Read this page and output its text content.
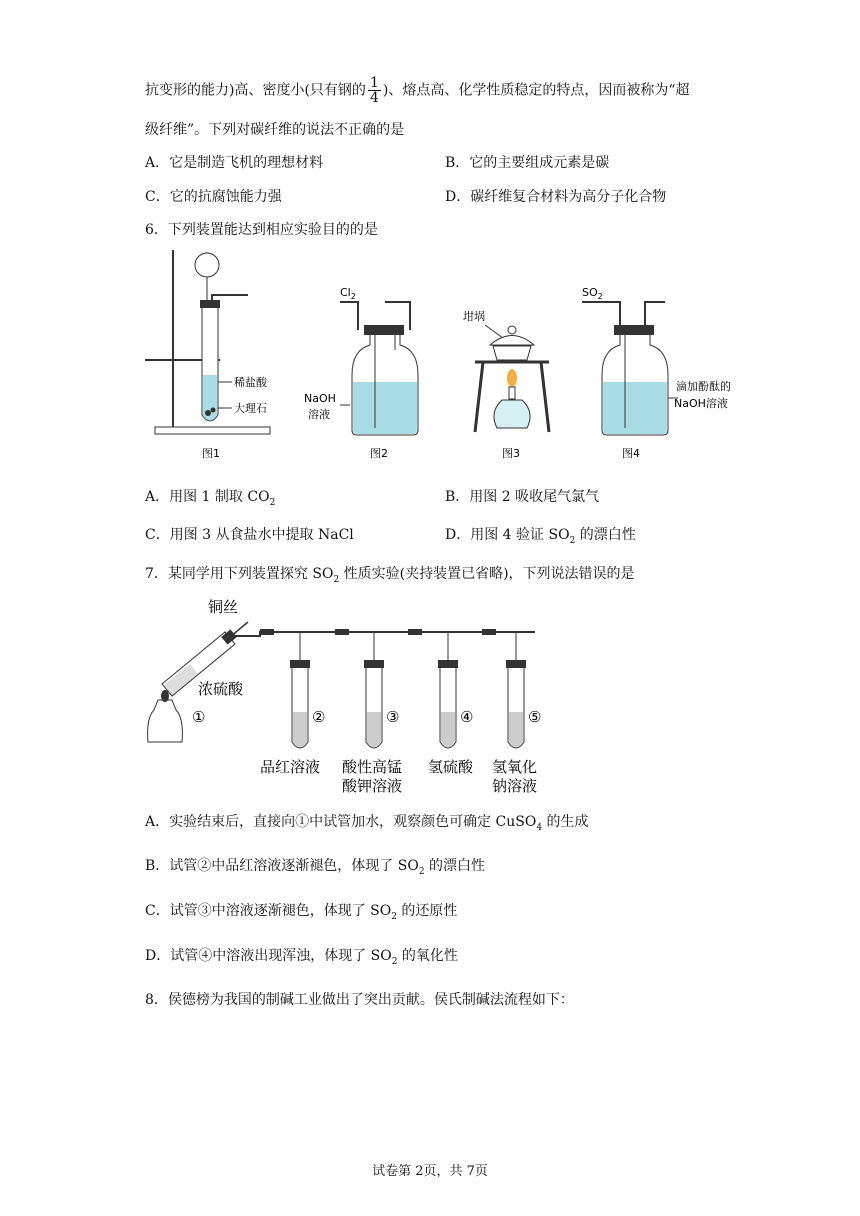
抗变形的能力)高、密度小(只有钢的 $\frac{1}{4}$ )、熔点高、化学性质稳定的特点，因而被称为“超
级纤维”。下列对碳纤维的说法不正确的是
A．它是制造飞机的理想材料	B．它的主要组成元素是碳
C．它的抗腐蚀能力强	D．碳纤维复合材料为高分子化合物
6．下列装置能达到相应实验目的的是
稀盐酸
大理石
图1
$Cl_2$
NaOH
溶液
图2
坩埚
图3
$SO_2$
滴加酚酞的
NaOH溶液
图4
A．用图 1 制取 $CO_2$	B．用图 2 吸收尾气氯气
C．用图 3 从食盐水中提取 NaCl	D．用图 4 验证 $SO_2$ 的漂白性
7．某同学用下列装置探究 $SO_2$ 性质实验(夹持装置已省略)，下列说法错误的是
铜丝
浓硫酸
①	②	③	④	⑤
品红溶液 酸性高锰
酸钾溶液
氢硫酸 氢氧化
钠溶液
A．实验结束后，直接向①中试管加水，观察颜色可确定 CuSO$_4$ 的生成
B．试管②中品红溶液逐渐褪色，体现了 $SO_2$ 的漂白性
C．试管③中溶液逐渐褪色，体现了 $SO_2$ 的还原性
D．试管④中溶液出现浑浊，体现了 $SO_2$ 的氧化性
8．侯德榜为我国的制碱工业做出了突出贡献。侯氏制碱法流程如下：
试卷第 2页，共 7页
